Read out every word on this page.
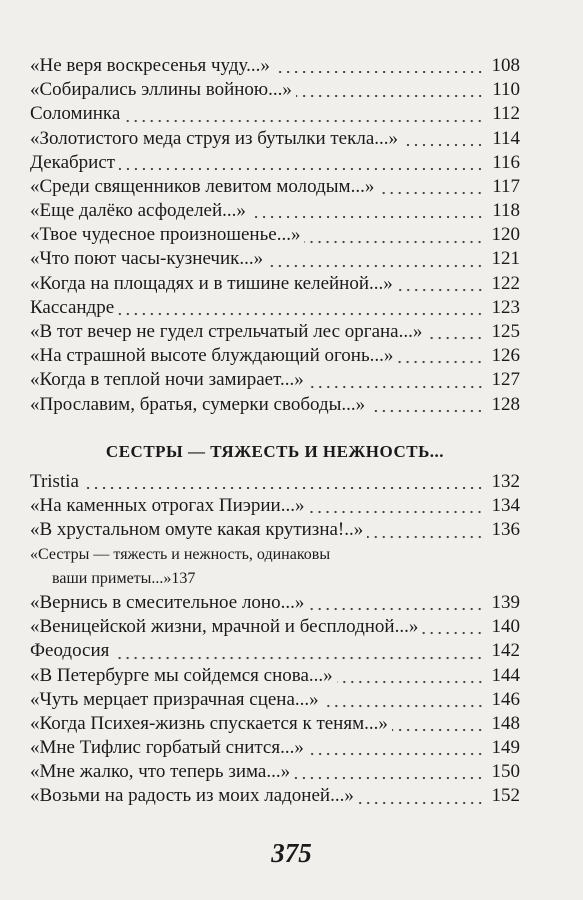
«Не веря воскресенья чуду...»	108
«Собирались эллины войною...»	110
Соломинка	112
«Золотистого меда струя из бутылки текла...»	114
Декабрист	116
«Среди священников левитом молодым...»	117
«Еще далёко асфоделей...»	118
«Твое чудесное произношенье...»	120
«Что поют часы-кузнечик...»	121
«Когда на площадях и в тишине келейной...»	122
Кассандре	123
«В тот вечер не гудел стрельчатый лес органа...»	125
«На страшной высоте блуждающий огонь...»	126
«Когда в теплой ночи замирает...»	127
«Прославим, братья, сумерки свободы...»	128
СЕСТРЫ — ТЯЖЕСТЬ И НЕЖНОСТЬ...
Tristia	132
«На каменных отрогах Пиэрии...»	134
«В хрустальном омуте какая крутизна!..»	136
«Сестры — тяжесть и нежность, одинаковы
ваши приметы...» 137
«Вернись в смесительное лоно...»	139
«Веницейской жизни, мрачной и бесплодной...»	140
Феодосия	142
«В Петербурге мы сойдемся снова...»	144
«Чуть мерцает призрачная сцена...»	146
«Когда Психея-жизнь спускается к теням...»	148
«Мне Тифлис горбатый снится...»	149
«Мне жалко, что теперь зима...»	150
«Возьми на радость из моих ладоней...»	152
375
